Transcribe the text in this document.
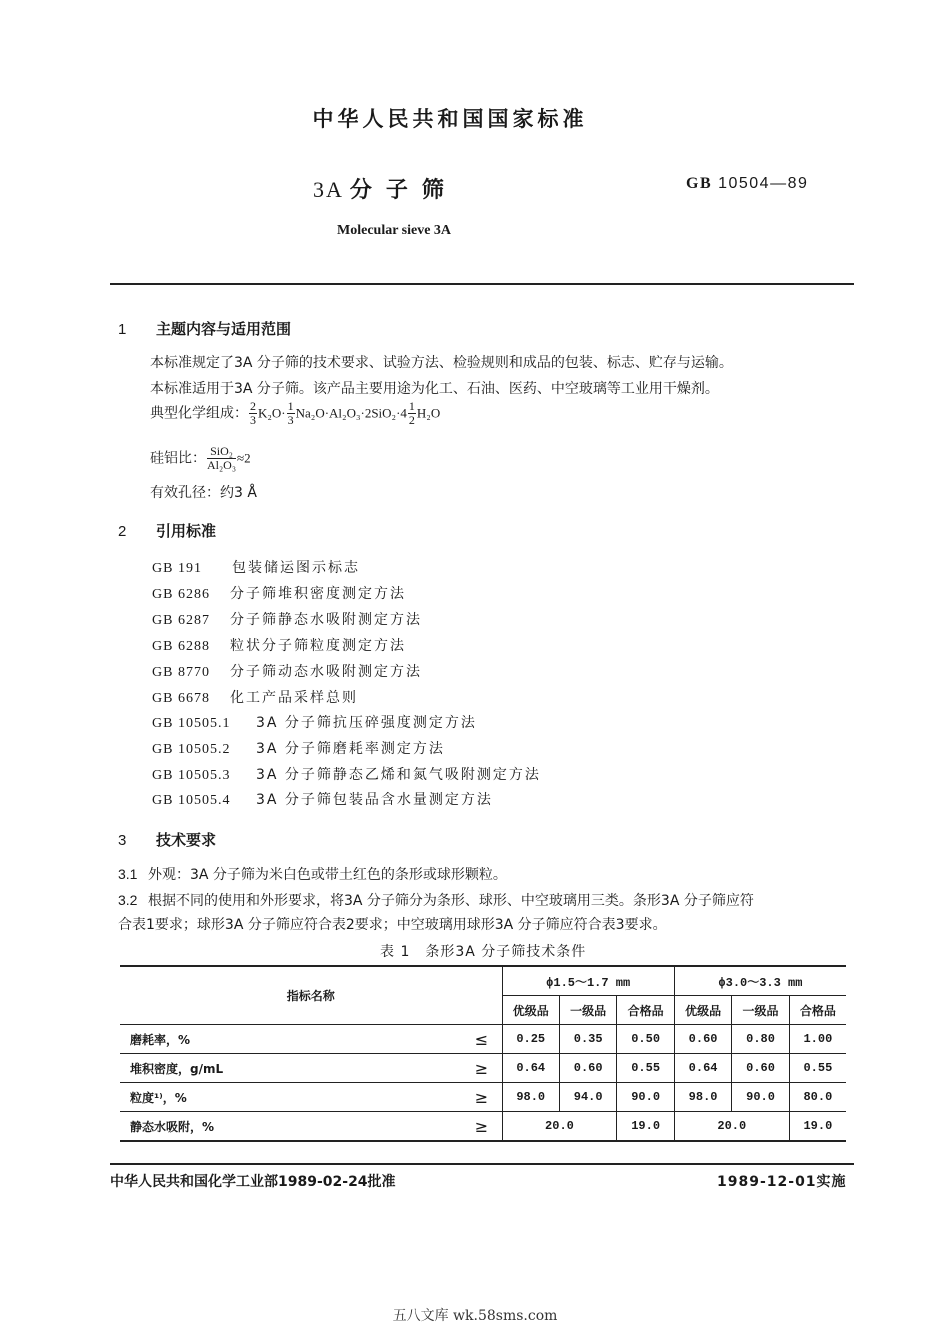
中华人民共和国国家标准
3A 分子筛	GB 10504—89
Molecular sieve 3A
1 主题内容与适用范围
本标准规定了3A 分子筛的技术要求、试验方法、检验规则和成品的包装、标志、贮存与运输。
本标准适用于3A 分子筛。该产品主要用途为化工、石油、医药、中空玻璃等工业用干燥剂。
典型化学组成： $\frac{2}{3} K_2O\cdot \frac{1}{3} Na_2O\cdot Al_2O_3\cdot 2SiO_2\cdot 4 \frac{1}{2} H_2O$
硅铝比： $\frac{\text{SiO₂}}{\text{Al₂O₃}} \approx 2$
有效孔径：约3 Å
2 引用标准
GB 191 包装储运图示标志
GB 6286 分子筛堆积密度测定方法
GB 6287 分子筛静态水吸附测定方法
GB 6288 粒状分子筛粒度测定方法
GB 8770 分子筛动态水吸附测定方法
GB 6678 化工产品采样总则
GB 10505.1 3A 分子筛抗压碎强度测定方法
GB 10505.2 3A 分子筛磨耗率测定方法
GB 10505.3 3A 分子筛静态乙烯和氮气吸附测定方法
GB 10505.4 3A 分子筛包装品含水量测定方法
3 技术要求
3.1 外观：3A 分子筛为米白色或带土红色的条形或球形颗粒。
3.2 根据不同的使用和外形要求，将3A 分子筛分为条形、球形、中空玻璃用三类。条形3A 分子筛应符
合表1要求；球形3A 分子筛应符合表2要求；中空玻璃用球形3A 分子筛应符合表3要求。
表 1　条形3A 分子筛技术条件
指标名称		ϕ1.5～1.7 mm			ϕ3.0～3.3 mm		
		优级品	一级品	合格品	优级品	一级品	合格品
磨耗率，%	≤	0.25	0.35	0.50	0.60	0.80	1.00
堆积密度，g/mL	≥	0.64	0.60	0.55	0.64	0.60	0.55
粒度¹⁾，%	≥	98.0	94.0	90.0	98.0	90.0	80.0
静态水吸附，%	≥	20.0		19.0	20.0		19.0
中华人民共和国化学工业部1989-02-24批准	1989-12-01实施
五八文库 wk.58sms.com
